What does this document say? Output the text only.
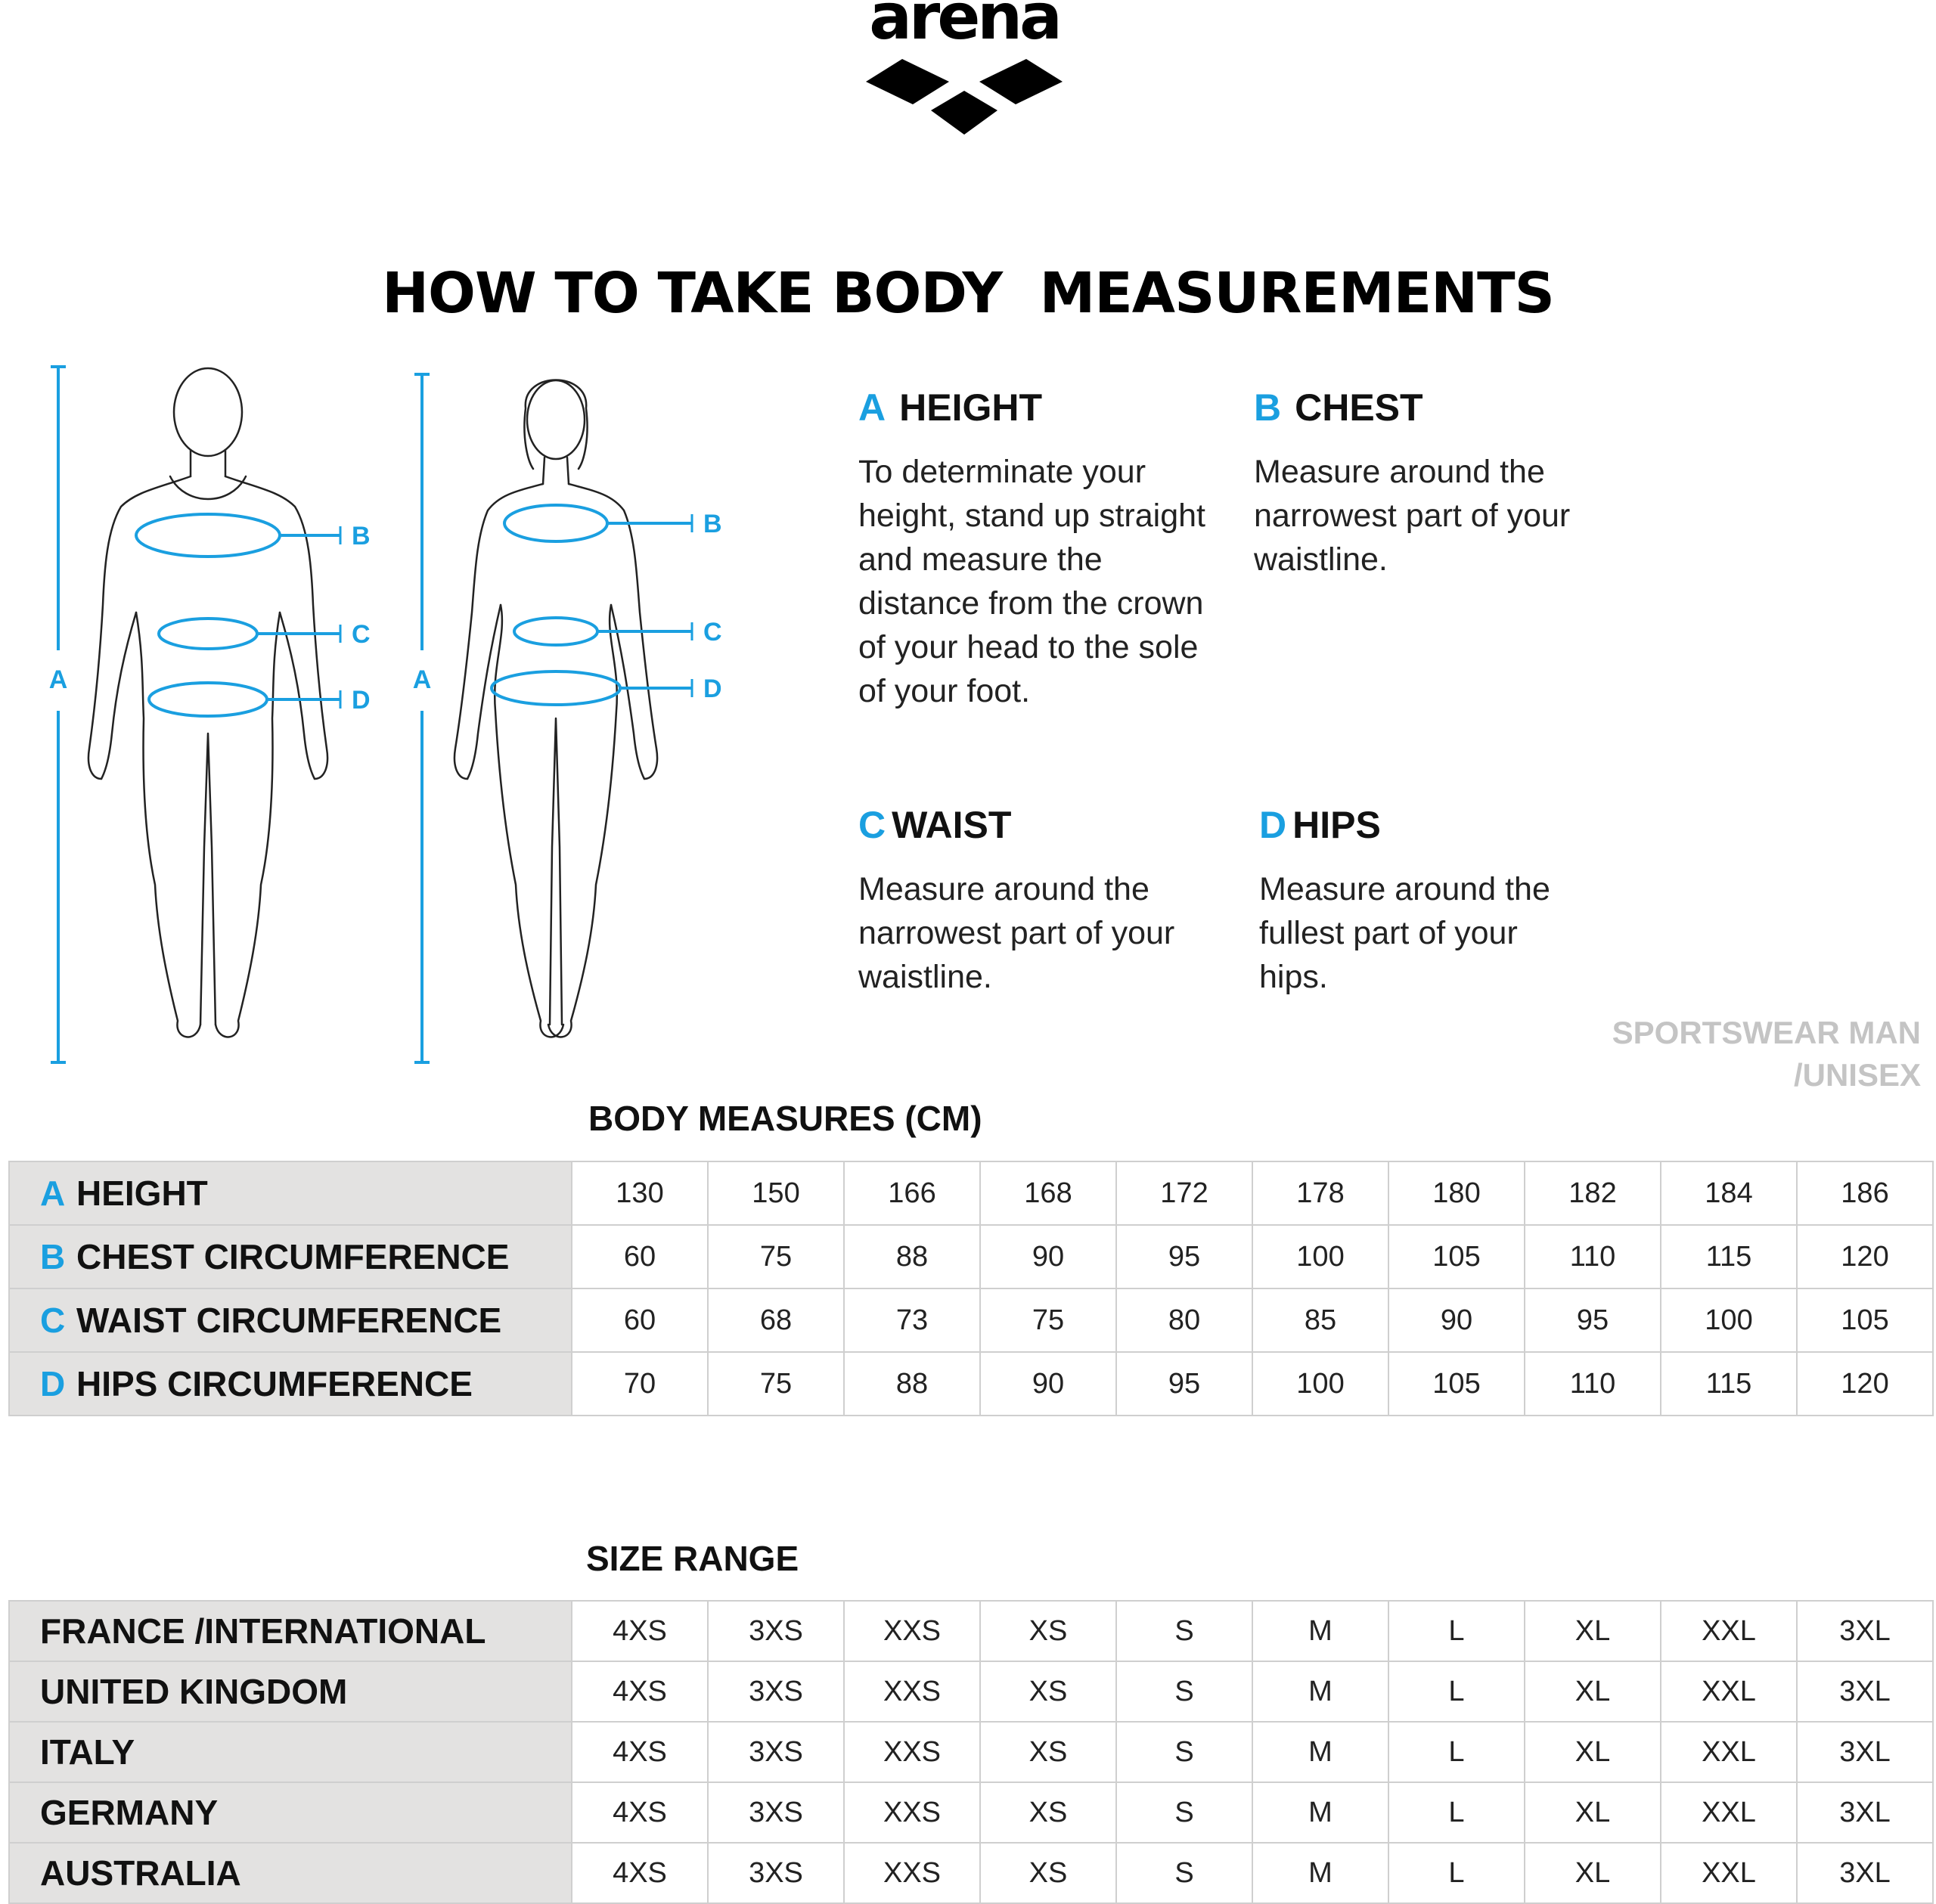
arena
HOW TO TAKE BODY  MEASUREMENTS
A
B
C
D
A
B
C
D
A HEIGHT
To determinate your height, stand up straight and measure the distance from the crown of your head to the sole of your foot.
B CHEST
Measure around the narrowest part of your waistline.
C WAIST
Measure around the narrowest part of your waistline.
D HIPS
Measure around the fullest part of your hips.
SPORTSWEAR MAN
/UNISEX
BODY MEASURES (CM)
A HEIGHT	130	150	166	168	172	178	180	182	184	186
B CHEST CIRCUMFERENCE	60	75	88	90	95	100	105	110	115	120
C WAIST CIRCUMFERENCE	60	68	73	75	80	85	90	95	100	105
D HIPS CIRCUMFERENCE	70	75	88	90	95	100	105	110	115	120
SIZE RANGE
FRANCE /INTERNATIONAL	4XS	3XS	XXS	XS	S	M	L	XL	XXL	3XL
UNITED KINGDOM	4XS	3XS	XXS	XS	S	M	L	XL	XXL	3XL
ITALY	4XS	3XS	XXS	XS	S	M	L	XL	XXL	3XL
GERMANY	4XS	3XS	XXS	XS	S	M	L	XL	XXL	3XL
AUSTRALIA	4XS	3XS	XXS	XS	S	M	L	XL	XXL	3XL
